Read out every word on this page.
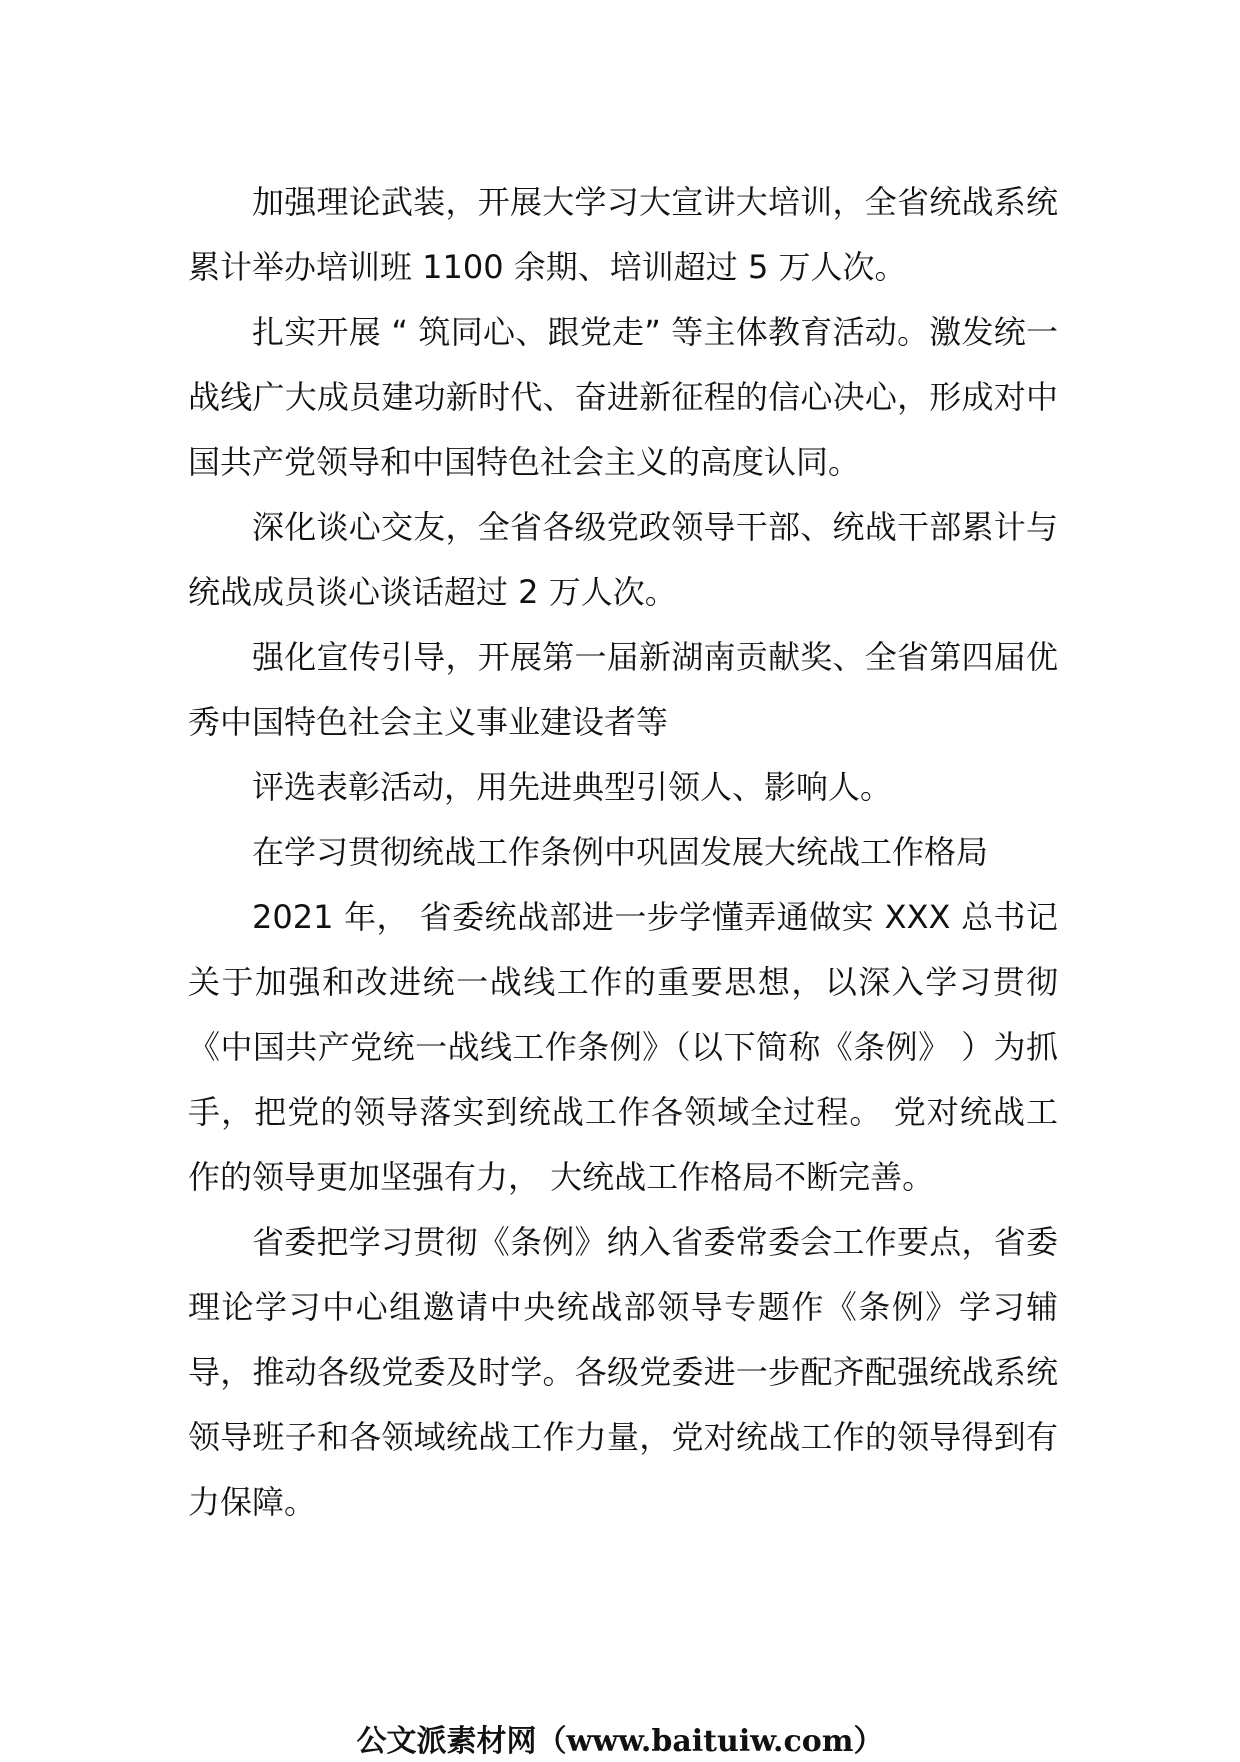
加强理论武装，开展大学习大宣讲大培训，全省统战系统累计举办培训班 1100 余期、培训超过 5 万人次。

扎实开展 “ 筑同心、跟党走” 等主体教育活动。激发统一战线广大成员建功新时代、奋进新征程的信心决心，形成对中国共产党领导和中国特色社会主义的高度认同。

深化谈心交友，全省各级党政领导干部、统战干部累计与统战成员谈心谈话超过 2 万人次。

强化宣传引导，开展第一届新湖南贡献奖、全省第四届优秀中国特色社会主义事业建设者等

评选表彰活动，用先进典型引领人、影响人。

在学习贯彻统战工作条例中巩固发展大统战工作格局

2021 年， 省委统战部进一步学懂弄通做实 XXX 总书记关于加强和改进统一战线工作的重要思想，以深入学习贯彻《中国共产党统一战线工作条例》（以下简称《条例》 ）为抓手，把党的领导落实到统战工作各领域全过程。 党对统战工作的领导更加坚强有力， 大统战工作格局不断完善。

省委把学习贯彻《条例》纳入省委常委会工作要点，省委理论学习中心组邀请中央统战部领导专题作《条例》学习辅导，推动各级党委及时学。各级党委进一步配齐配强统战系统领导班子和各领域统战工作力量，党对统战工作的领导得到有力保障。

公文派素材网（www.baituiw.com）
